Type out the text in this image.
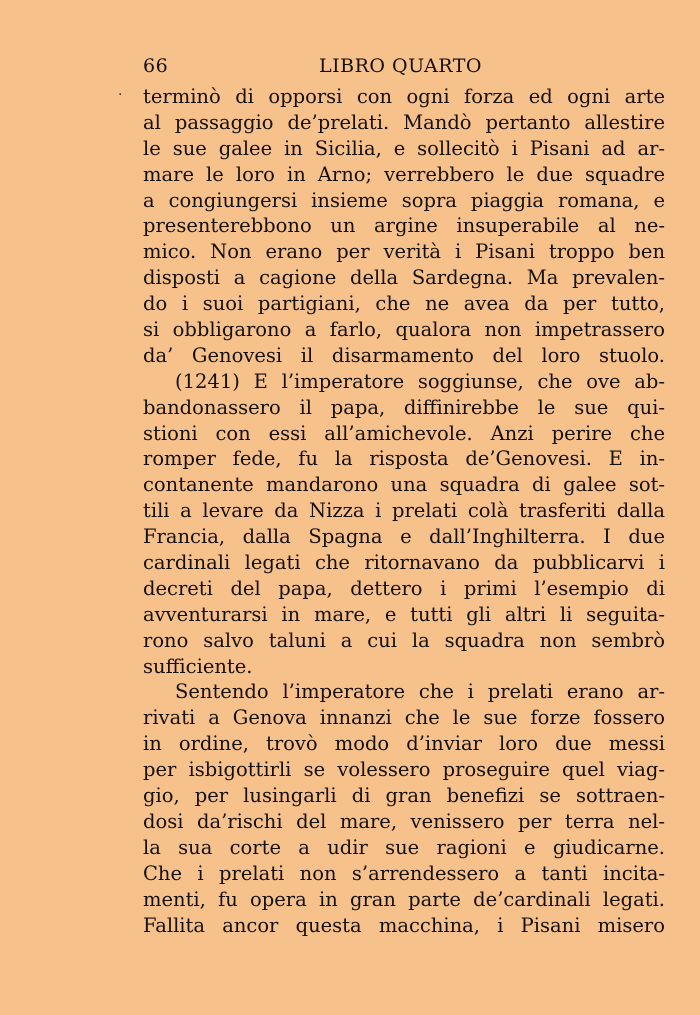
66	LIBRO QUARTO
· terminò di opporsi con ogni forza ed ogni arte
al passaggio de’prelati. Mandò pertanto allestire
le sue galee in Sicilia, e sollecitò i Pisani ad ar-
mare le loro in Arno; verrebbero le due squadre
a congiungersi insieme sopra piaggia romana, e
presenterebbono un argine insuperabile al ne-
mico. Non erano per verità i Pisani troppo ben
disposti a cagione della Sardegna. Ma prevalen-
do i suoi partigiani, che ne avea da per tutto,
si obbligarono a farlo, qualora non impetrassero
da’ Genovesi il disarmamento del loro stuolo.
(1241) E l’imperatore soggiunse, che ove ab-
bandonassero il papa, diffinirebbe le sue qui-
stioni con essi all’amichevole. Anzi perire che
romper fede, fu la risposta de’Genovesi. E in-
contanente mandarono una squadra di galee sot-
tili a levare da Nizza i prelati colà trasferiti dalla
Francia, dalla Spagna e dall’Inghilterra. I due
cardinali legati che ritornavano da pubblicarvi i
decreti del papa, dettero i primi l’esempio di
avventurarsi in mare, e tutti gli altri li seguita-
rono salvo taluni a cui la squadra non sembrò
sufficiente.
Sentendo l’imperatore che i prelati erano ar-
rivati a Genova innanzi che le sue forze fossero
in ordine, trovò modo d’inviar loro due messi
per isbigottirli se volessero proseguire quel viag-
gio, per lusingarli di gran benefizi se sottraen-
dosi da’rischi del mare, venissero per terra nel-
la sua corte a udir sue ragioni e giudicarne.
Che i prelati non s’arrendessero a tanti incita-
menti, fu opera in gran parte de’cardinali legati.
Fallita ancor questa macchina, i Pisani misero
